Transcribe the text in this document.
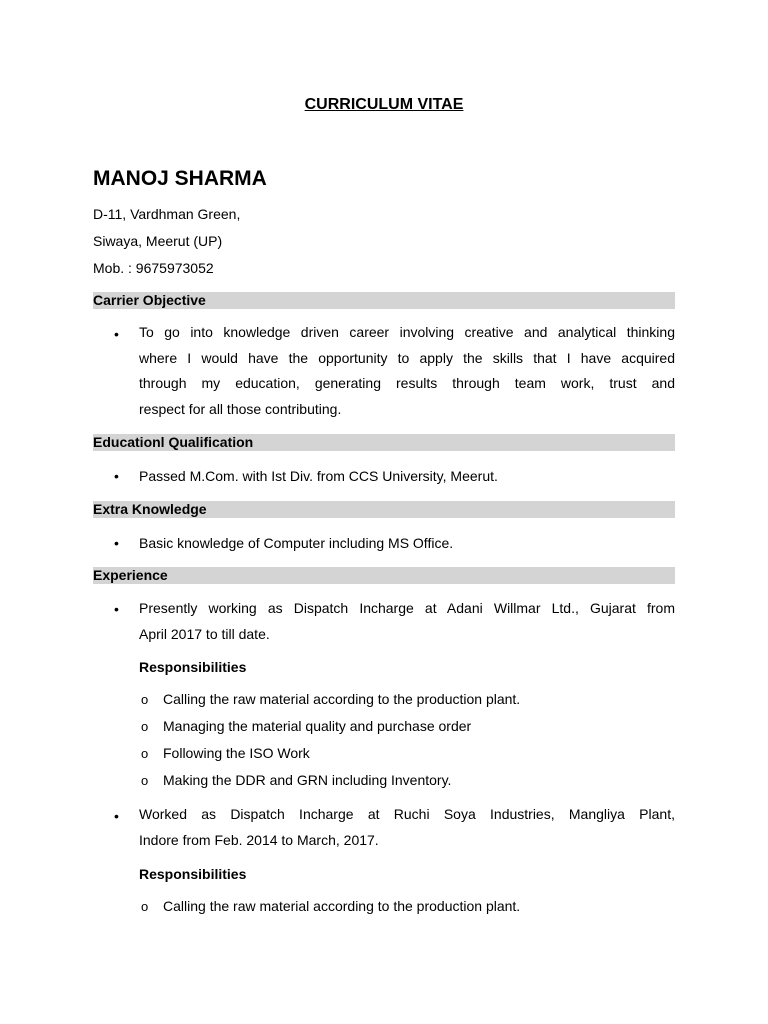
CURRICULUM VITAE
MANOJ SHARMA
D-11, Vardhman Green,
Siwaya, Meerut (UP)
Mob. : 9675973052
Carrier Objective
• To go into knowledge driven career involving creative and analytical thinking
where I would have the opportunity to apply the skills that I have acquired
through my education, generating results through team work, trust and
respect for all those contributing.
Educationl Qualification
• Passed M.Com. with Ist Div. from CCS University, Meerut.
Extra Knowledge
• Basic knowledge of Computer including MS Office.
Experience
• Presently working as Dispatch Incharge at Adani Willmar Ltd., Gujarat from
April 2017 to till date.
Responsibilities
o Calling the raw material according to the production plant.
o Managing the material quality and purchase order
o Following the ISO Work
o Making the DDR and GRN including Inventory.
• Worked as Dispatch Incharge at Ruchi Soya Industries, Mangliya Plant,
Indore from Feb. 2014 to March, 2017.
Responsibilities
o Calling the raw material according to the production plant.
